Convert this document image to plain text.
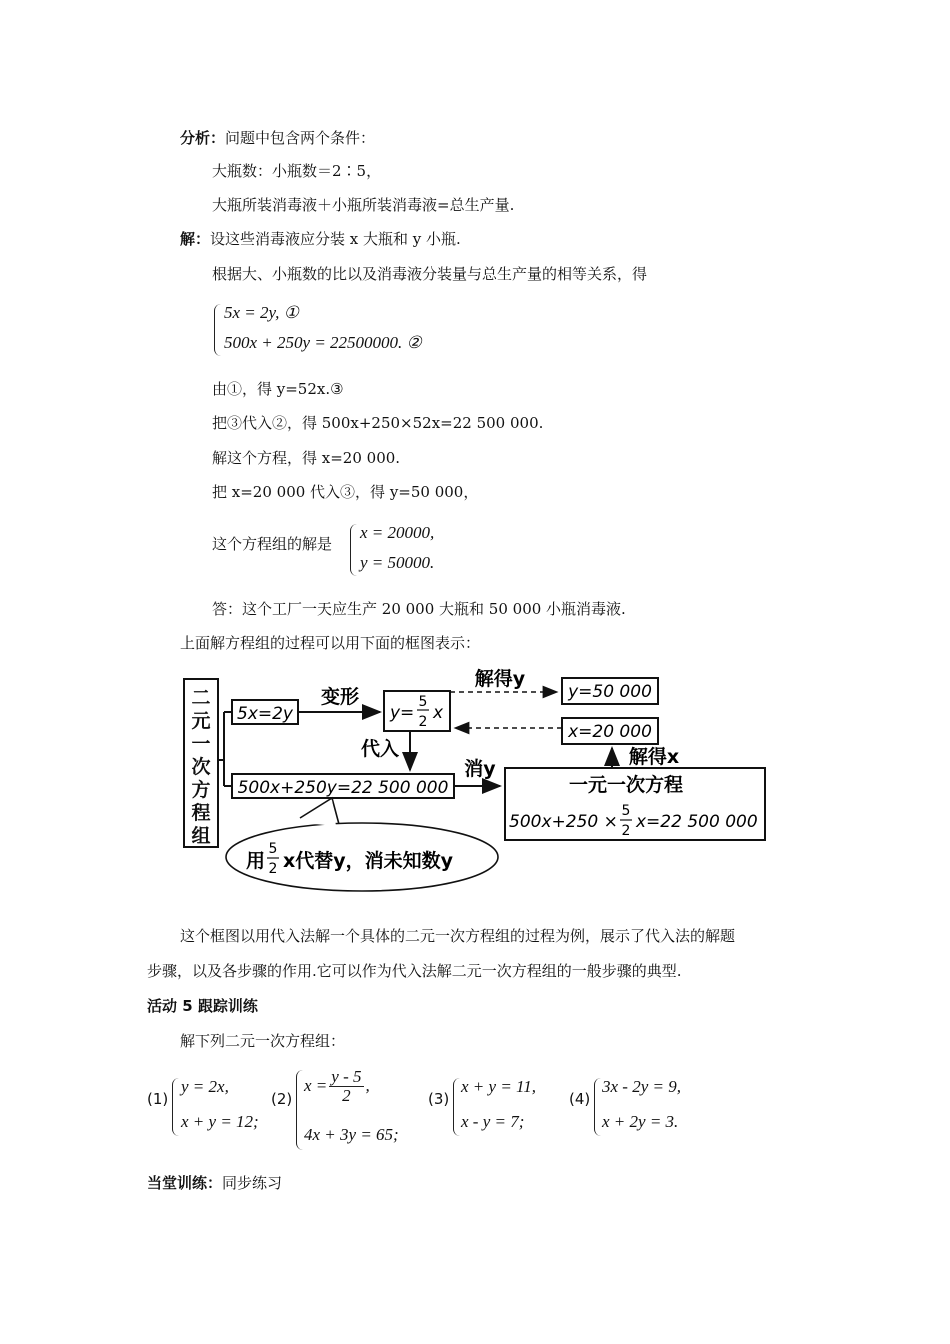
分析：问题中包含两个条件：
大瓶数：小瓶数＝2∶5，
大瓶所装消毒液＋小瓶所装消毒液=总生产量.
解：设这些消毒液应分装 x 大瓶和 y 小瓶.
根据大、小瓶数的比以及消毒液分装量与总生产量的相等关系，得
5x = 2y, ①
500x + 250y = 22500000. ②
由①，得 y=52x.③
把③代入②，得 500x+250×52x=22 500 000.
解这个方程，得 x=20 000.
把 x=20 000 代入③，得 y=50 000，
这个方程组的解是
x = 20000,
y = 50000.
答：这个工厂一天应生产 20 000 大瓶和 50 000 小瓶消毒液.
上面解方程组的过程可以用下面的框图表示：
二
元
一
次
方
程
组
5x=2y
变形
y=
5
2 x
解得y
y=50 000
x=20 000
代入
500x+250y=22 500 000
消y
一元一次方程
500x+250 ×
5
2 x=22 500 000
解得x
用
5
2 x代替y，消未知数y
这个框图以用代入法解一个具体的二元一次方程组的过程为例，展示了代入法的解题
步骤，以及各步骤的作用.它可以作为代入法解二元一次方程组的一般步骤的典型.
活动 5 跟踪训练
解下列二元一次方程组：
(1)
y = 2x,
x + y = 12;
(2)
$x = \frac{y - 5}{2}$ ,
4x + 3y = 65;
(3)
x + y = 11,
x - y = 7;
(4)
3x - 2y = 9,
x + 2y = 3.
当堂训练：同步练习
